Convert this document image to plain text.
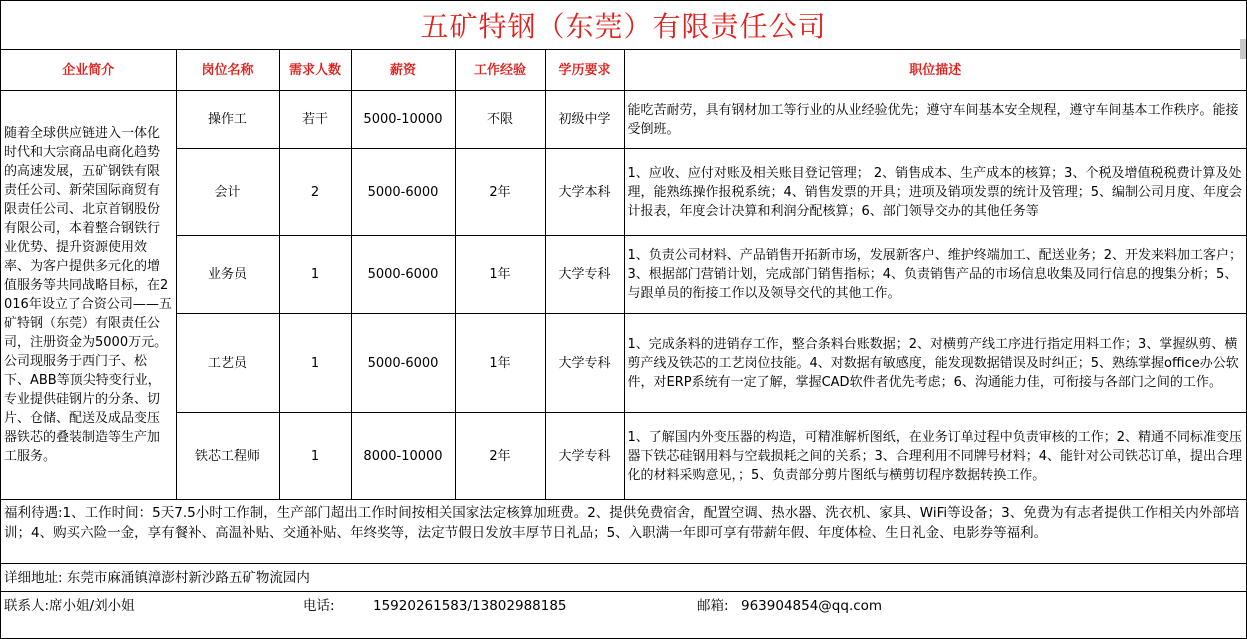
五矿特钢（东莞）有限责任公司
企业简介	岗位名称	需求人数	薪资	工作经验	学历要求	职位描述
随着全球供应链进入一体化时代和大宗商品电商化趋势的高速发展，五矿钢铁有限责任公司、新荣国际商贸有限责任公司、北京首钢股份有限公司，本着整合钢铁行业优势、提升资源使用效率、为客户提供多元化的增值服务等共同战略目标，在2016年设立了合资公司——五矿特钢（东莞）有限责任公司，注册资金为5000万元。公司现服务于西门子、松下、ABB等顶尖特变行业，专业提供硅钢片的分条、切片、仓储、配送及成品变压器铁芯的叠装制造等生产加工服务。	操作工	若干	5000-10000	不限	初级中学	能吃苦耐劳，具有钢材加工等行业的从业经验优先；遵守车间基本安全规程，遵守车间基本工作秩序。能接受倒班。
	会计	2	5000-6000	2年	大学本科	1、应收、应付对账及相关账目登记管理； 2、销售成本、生产成本的核算；3、个税及增值税税费计算及处理，能熟练操作报税系统；4、销售发票的开具；进项及销项发票的统计及管理；5、编制公司月度、年度会计报表，年度会计决算和利润分配核算；6、部门领导交办的其他任务等
	业务员	1	5000-6000	1年	大学专科	1、负责公司材料、产品销售开拓新市场，发展新客户、维护终端加工、配送业务；2、开发来料加工客户；3、根据部门营销计划，完成部门销售指标；4、负责销售产品的市场信息收集及同行信息的搜集分析；5、与跟单员的衔接工作以及领导交代的其他工作。
	工艺员	1	5000-6000	1年	大学专科	1、完成条料的进销存工作，整合条料台账数据；2、对横剪产线工序进行指定用料工作；3、掌握纵剪、横剪产线及铁芯的工艺岗位技能。4、对数据有敏感度，能发现数据错误及时纠正；5、熟练掌握office办公软件，对ERP系统有一定了解，掌握CAD软件者优先考虑；6、沟通能力佳，可衔接与各部门之间的工作。
	铁芯工程师	1	8000-10000	2年	大学专科	1、了解国内外变压器的构造，可精准解析图纸，在业务订单过程中负责审核的工作；2、精通不同标准变压器下铁芯硅钢用料与空载损耗之间的关系；3、合理利用不同牌号材料；4、能针对公司铁芯订单，提出合理化的材料采购意见，；5、负责部分剪片图纸与横剪切程序数据转换工作。
福利待遇:1、工作时间：5天7.5小时工作制，生产部门超出工作时间按相关国家法定核算加班费。2、提供免费宿舍，配置空调、热水器、洗衣机、家具、WiFi等设备；3、免费为有志者提供工作相关内外部培训；4、购买六险一金，享有餐补、高温补贴、交通补贴、年终奖等，法定节假日发放丰厚节日礼品；5、入职满一年即可享有带薪年假、年度体检、生日礼金、电影券等福利。
详细地址: 东莞市麻涌镇漳澎村新沙路五矿物流园内
联系人:席小姐/刘小姐	电话:	15920261583/13802988185	邮箱: 963904854@qq.com
